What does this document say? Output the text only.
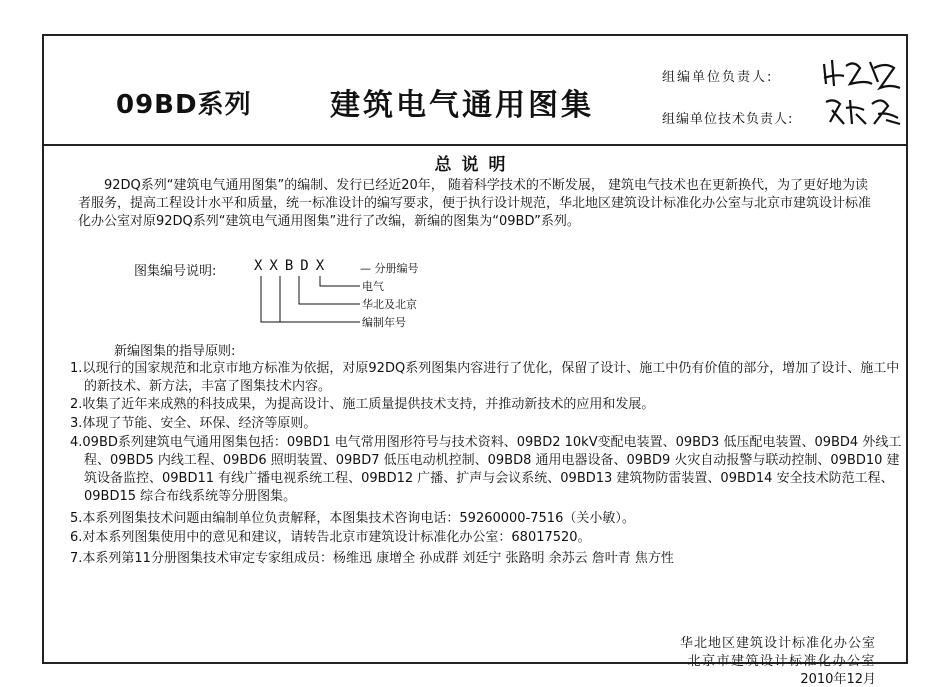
09BD系列	建筑电气通用图集
组编单位负责人:
组编单位技术负责人:
总说明

92DQ系列“建筑电气通用图集”的编制、发行已经近20年， 随着科学技术的不断发展， 建筑电气技术也在更新换代，为了更好地为读者服务，提高工程设计水平和质量，统一标准设计的编写要求，便于执行设计规范，华北地区建筑设计标准化办公室与北京市建筑设计标准化办公室对原92DQ系列“建筑电气通用图集”进行了改编，新编的图集为“09BD”系列。

图集编号说明:	XXBDX	— 分册编号
电气
华北及北京
编制年号
新编图集的指导原则:

1.以现行的国家规范和北京市地方标准为依据，对原92DQ系列图集内容进行了优化，保留了设计、施工中仍有价值的部分，增加了设计、施工中的新技术、新方法，丰富了图集技术内容。

2.收集了近年来成熟的科技成果，为提高设计、施工质量提供技术支持，并推动新技术的应用和发展。

3.体现了节能、安全、环保、经济等原则。

4.09BD系列建筑电气通用图集包括：09BD1 电气常用图形符号与技术资料、09BD2 10kV变配电装置、09BD3 低压配电装置、09BD4 外线工程、09BD5 内线工程、09BD6 照明装置、09BD7 低压电动机控制、09BD8 通用电器设备、09BD9 火灾自动报警与联动控制、09BD10 建筑设备监控、09BD11 有线广播电视系统工程、09BD12 广播、扩声与会议系统、09BD13 建筑物防雷装置、09BD14 安全技术防范工程、09BD15 综合布线系统等分册图集。

5.本系列图集技术问题由编制单位负责解释，本图集技术咨询电话：59260000-7516（关小敏）。

6.对本系列图集使用中的意见和建议，请转告北京市建筑设计标准化办公室：68017520。

7.本系列第11分册图集技术审定专家组成员：杨维迅 康增全 孙成群 刘廷宁 张路明 余苏云 詹叶青 焦方性

华北地区建筑设计标准化办公室
北京市建筑设计标准化办公室
2010年12月
